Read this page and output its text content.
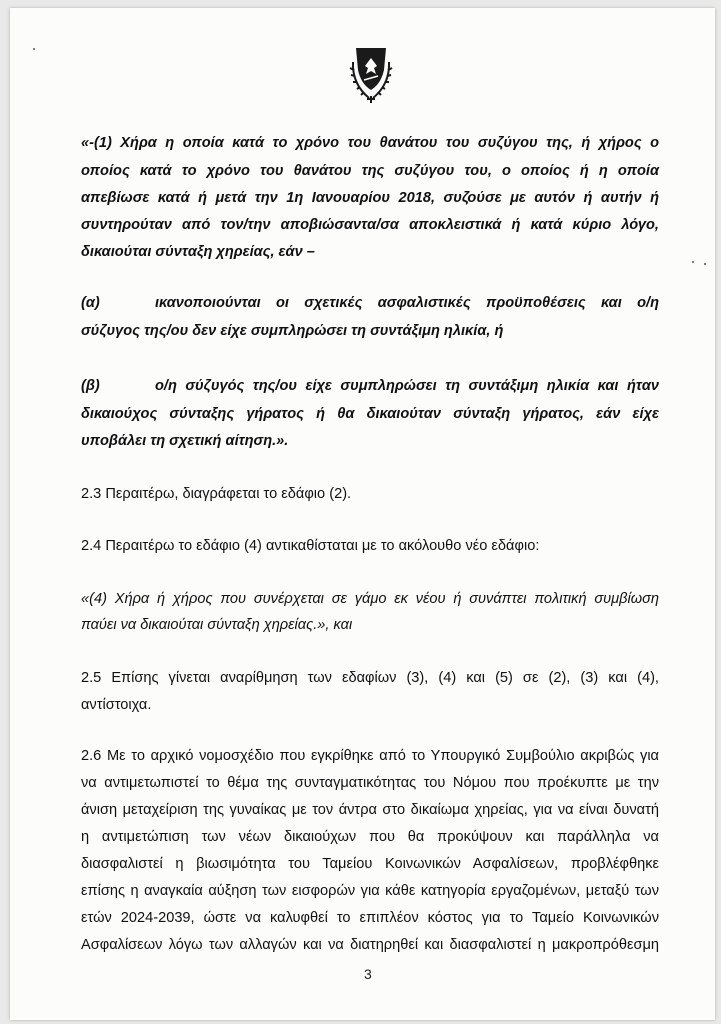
«-(1) Χήρα η οποία κατά το χρόνο του θανάτου του συζύγου της, ή χήρος ο

οποίος κατά το χρόνο του θανάτου της συζύγου του, ο οποίος ή η οποία

απεβίωσε κατά ή μετά την 1η Ιανουαρίου 2018, συζούσε με αυτόν ή αυτήν ή

συντηρούταν από τον/την αποβιώσαντα/σα αποκλειστικά ή κατά κύριο λόγο,

δικαιούται σύνταξη χηρείας, εάν –

(α)	ικανοποιούνται οι σχετικές ασφαλιστικές προϋποθέσεις και ο/η

σύζυγος της/ου δεν είχε συμπληρώσει τη συντάξιμη ηλικία, ή

(β)	ο/η σύζυγός της/ου είχε συμπληρώσει τη συντάξιμη ηλικία και ήταν

δικαιούχος σύνταξης γήρατος ή θα δικαιούταν σύνταξη γήρατος, εάν είχε

υποβάλει τη σχετική αίτηση.».

2.3 Περαιτέρω, διαγράφεται το εδάφιο (2).

2.4 Περαιτέρω το εδάφιο (4) αντικαθίσταται με το ακόλουθο νέο εδάφιο:

«(4) Χήρα ή χήρος που συνέρχεται σε γάμο εκ νέου ή συνάπτει πολιτική συμβίωση

παύει να δικαιούται σύνταξη χηρείας.», και

2.5 Επίσης γίνεται αναρίθμηση των εδαφίων (3), (4) και (5) σε (2), (3) και (4),

αντίστοιχα.

2.6 Με το αρχικό νομοσχέδιο που εγκρίθηκε από το Υπουργικό Συμβούλιο ακριβώς για

να αντιμετωπιστεί το θέμα της συνταγματικότητας του Νόμου που προέκυπτε με την

άνιση μεταχείριση της γυναίκας με τον άντρα στο δικαίωμα χηρείας, για να είναι δυνατή

η αντιμετώπιση των νέων δικαιούχων που θα προκύψουν και παράλληλα να

διασφαλιστεί η βιωσιμότητα του Ταμείου Κοινωνικών Ασφαλίσεων, προβλέφθηκε

επίσης η αναγκαία αύξηση των εισφορών για κάθε κατηγορία εργαζομένων, μεταξύ των

ετών 2024-2039, ώστε να καλυφθεί το επιπλέον κόστος για το Ταμείο Κοινωνικών

Ασφαλίσεων λόγω των αλλαγών και να διατηρηθεί και διασφαλιστεί η μακροπρόθεσμη

3
